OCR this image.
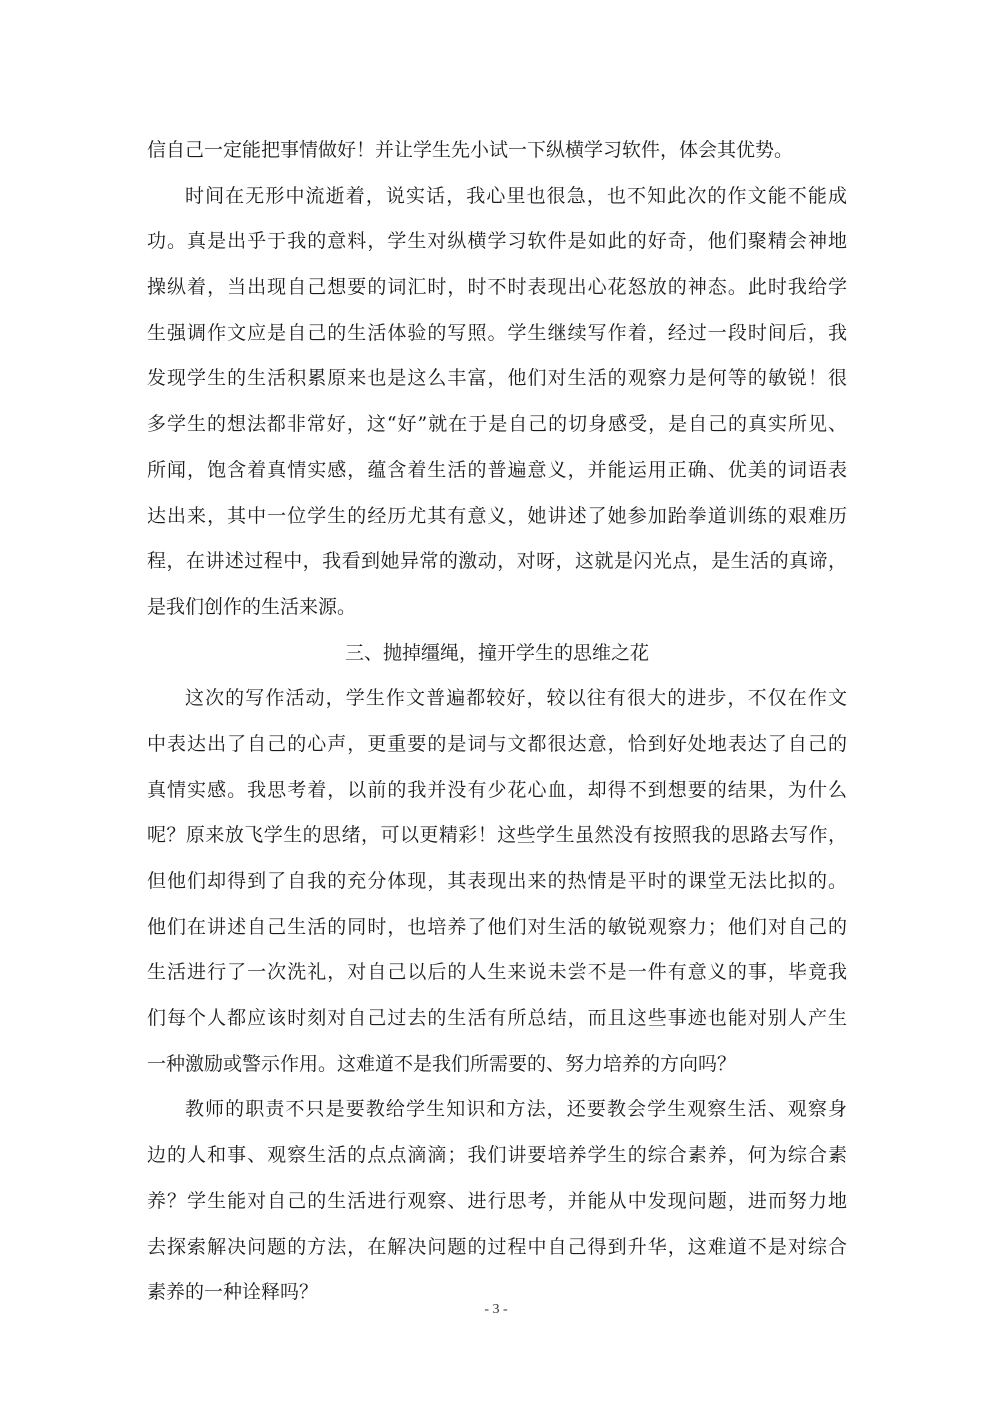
信自己一定能把事情做好！并让学生先小试一下纵横学习软件，体会其优势。
时间在无形中流逝着，说实话，我心里也很急，也不知此次的作文能不能成
功。真是出乎于我的意料，学生对纵横学习软件是如此的好奇，他们聚精会神地
操纵着，当出现自己想要的词汇时，时不时表现出心花怒放的神态。此时我给学
生强调作文应是自己的生活体验的写照。学生继续写作着，经过一段时间后，我
发现学生的生活积累原来也是这么丰富，他们对生活的观察力是何等的敏锐！很
多学生的想法都非常好，这“好”就在于是自己的切身感受，是自己的真实所见、
所闻，饱含着真情实感，蕴含着生活的普遍意义，并能运用正确、优美的词语表
达出来，其中一位学生的经历尤其有意义，她讲述了她参加跆拳道训练的艰难历
程，在讲述过程中，我看到她异常的激动，对呀，这就是闪光点，是生活的真谛，
是我们创作的生活来源。
三、抛掉缰绳，撞开学生的思维之花
这次的写作活动，学生作文普遍都较好，较以往有很大的进步，不仅在作文
中表达出了自己的心声，更重要的是词与文都很达意，恰到好处地表达了自己的
真情实感。我思考着，以前的我并没有少花心血，却得不到想要的结果，为什么
呢？原来放飞学生的思绪，可以更精彩！这些学生虽然没有按照我的思路去写作，
但他们却得到了自我的充分体现，其表现出来的热情是平时的课堂无法比拟的。
他们在讲述自己生活的同时，也培养了他们对生活的敏锐观察力；他们对自己的
生活进行了一次洗礼，对自己以后的人生来说未尝不是一件有意义的事，毕竟我
们每个人都应该时刻对自己过去的生活有所总结，而且这些事迹也能对别人产生
一种激励或警示作用。这难道不是我们所需要的、努力培养的方向吗？
教师的职责不只是要教给学生知识和方法，还要教会学生观察生活、观察身
边的人和事、观察生活的点点滴滴；我们讲要培养学生的综合素养，何为综合素
养？学生能对自己的生活进行观察、进行思考，并能从中发现问题，进而努力地
去探索解决问题的方法，在解决问题的过程中自己得到升华，这难道不是对综合
素养的一种诠释吗？
- 3 -
